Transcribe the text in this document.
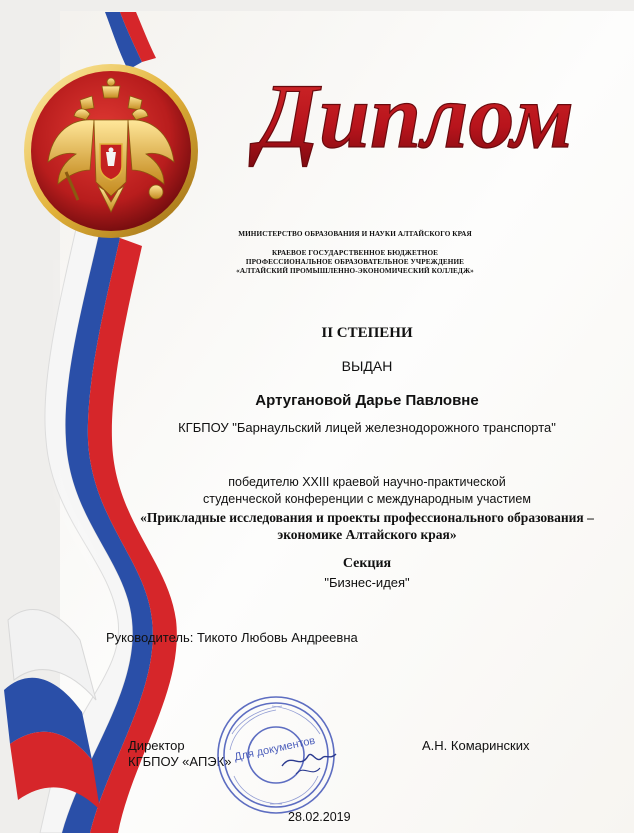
Диплом
МИНИСТЕРСТВО ОБРАЗОВАНИЯ И НАУКИ АЛТАЙСКОГО КРАЯ
КРАЕВОЕ ГОСУДАРСТВЕННОЕ БЮДЖЕТНОЕ
ПРОФЕССИОНАЛЬНОЕ ОБРАЗОВАТЕЛЬНОЕ УЧРЕЖДЕНИЕ
«АЛТАЙСКИЙ ПРОМЫШЛЕННО-ЭКОНОМИЧЕСКИЙ КОЛЛЕДЖ»
II СТЕПЕНИ
ВЫДАН
Артугановой Дарье Павловне
КГБПОУ "Барнаульский лицей железнодорожного транспорта"
победителю XXIII краевой научно-практической
студенческой конференции с международным участием
«Прикладные исследования и проекты профессионального образования –
экономике Алтайского края»
Секция
"Бизнес-идея"
Руководитель: Тикото Любовь Андреевна
Директор
КГБПОУ «АПЭК»
А.Н. Комаринских
Для документов
28.02.2019
